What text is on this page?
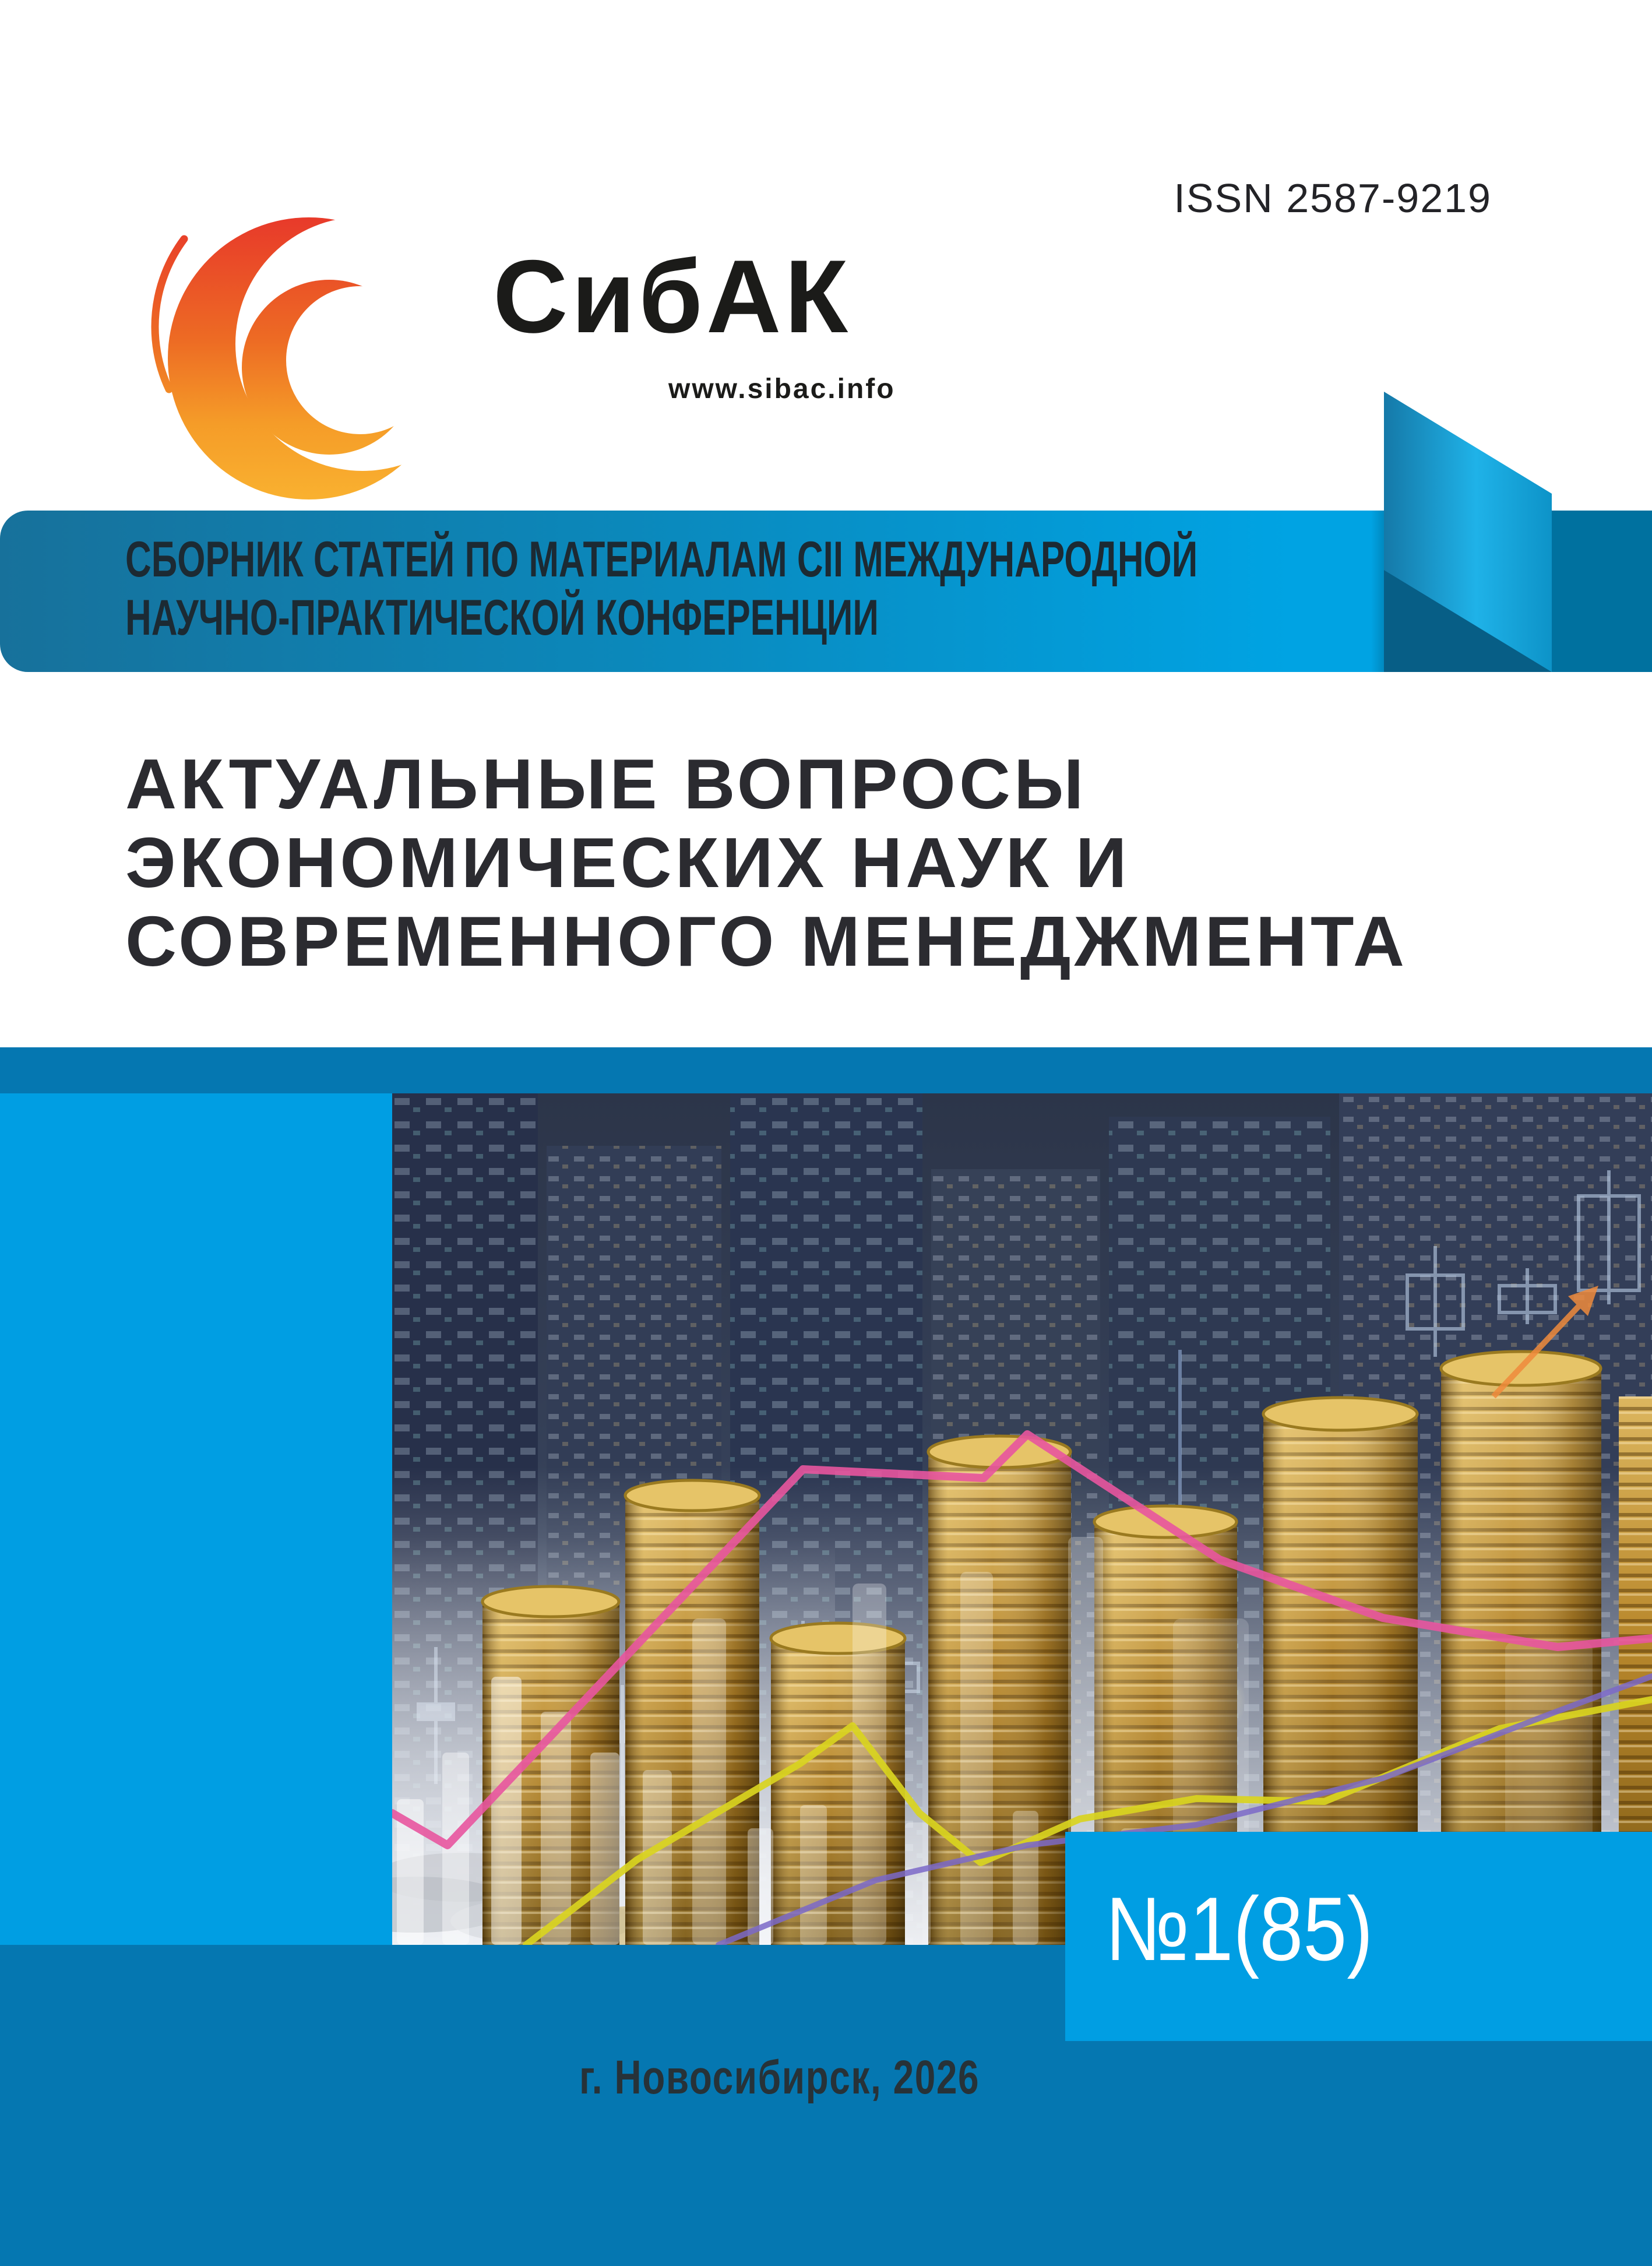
ISSN 2587-9219
СибАК
www.sibac.info
СБОРНИК СТАТЕЙ ПО МАТЕРИАЛАМ CII МЕЖДУНАРОДНОЙ
НАУЧНО-ПРАКТИЧЕСКОЙ КОНФЕРЕНЦИИ
АКТУАЛЬНЫЕ ВОПРОСЫ
ЭКОНОМИЧЕСКИХ НАУК И
СОВРЕМЕННОГО МЕНЕДЖМЕНТА
№1(85)
г. Новосибирск, 2026
